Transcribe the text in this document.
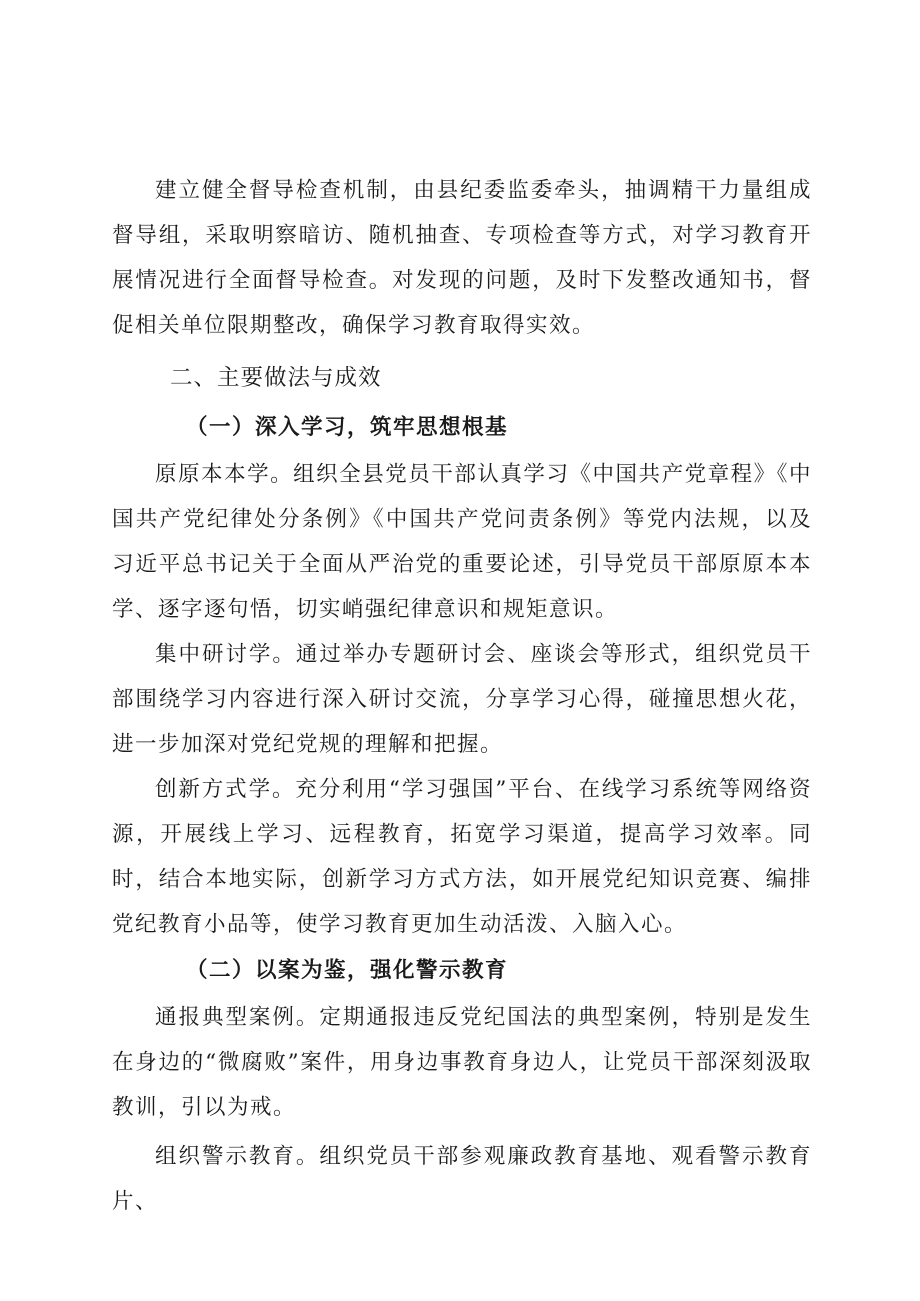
建立健全督导检查机制，由县纪委监委牵头，抽调精干力量组成督导组，采取明察暗访、随机抽查、专项检查等方式，对学习教育开展情况进行全面督导检查。对发现的问题，及时下发整改通知书，督促相关单位限期整改，确保学习教育取得实效。

二、主要做法与成效
（一）深入学习，筑牢思想根基

原原本本学。组织全县党员干部认真学习《中国共产党章程》《中国共产党纪律处分条例》《中国共产党问责条例》等党内法规，以及习近平总书记关于全面从严治党的重要论述，引导党员干部原原本本学、逐字逐句悟，切实峭强纪律意识和规矩意识。

集中研讨学。通过举办专题研讨会、座谈会等形式，组织党员干部围绕学习内容进行深入研讨交流，分享学习心得，碰撞思想火花，进一步加深对党纪党规的理解和把握。

创新方式学。充分利用“学习强国”平台、在线学习系统等网络资源，开展线上学习、远程教育，拓宽学习渠道，提高学习效率。同时，结合本地实际，创新学习方式方法，如开展党纪知识竞赛、编排党纪教育小品等，使学习教育更加生动活泼、入脑入心。

（二）以案为鉴，强化警示教育

通报典型案例。定期通报违反党纪国法的典型案例，特别是发生在身边的“微腐败”案件，用身边事教育身边人，让党员干部深刻汲取教训，引以为戒。

组织警示教育。组织党员干部参观廉政教育基地、观看警示教育片、
